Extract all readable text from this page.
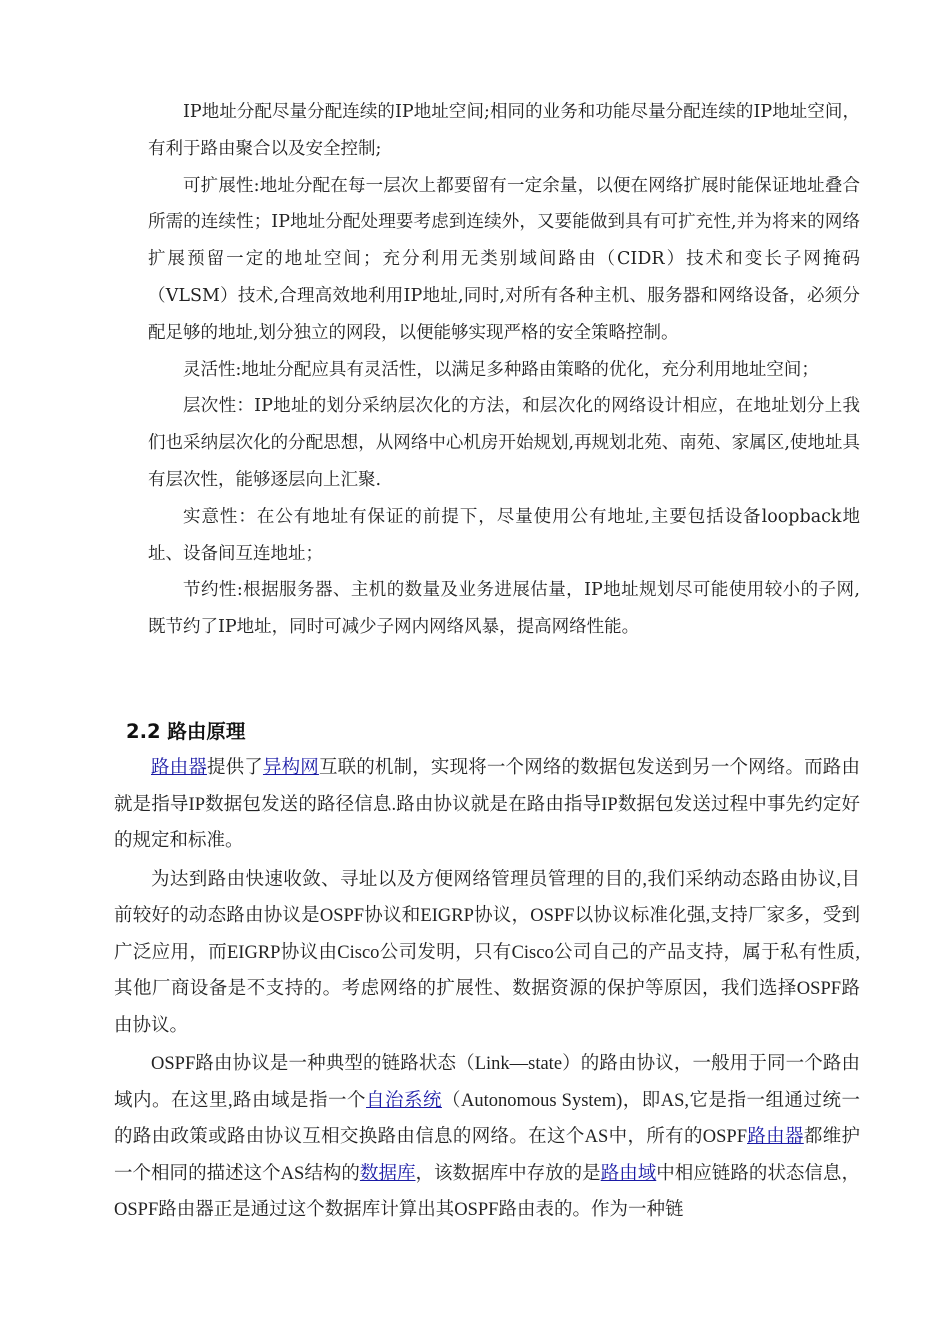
IP地址分配尽量分配连续的IP地址空间;相同的业务和功能尽量分配连续的IP地址空间，有利于路由聚合以及安全控制;

可扩展性:地址分配在每一层次上都要留有一定余量，以便在网络扩展时能保证地址叠合所需的连续性；IP地址分配处理要考虑到连续外，又要能做到具有可扩充性,并为将来的网络扩展预留一定的地址空间；充分利用无类别域间路由（CIDR）技术和变长子网掩码（VLSM）技术,合理高效地利用IP地址,同时,对所有各种主机、服务器和网络设备，必须分配足够的地址,划分独立的网段，以便能够实现严格的安全策略控制。

灵活性:地址分配应具有灵活性，以满足多种路由策略的优化，充分利用地址空间；

层次性：IP地址的划分采纳层次化的方法，和层次化的网络设计相应，在地址划分上我们也采纳层次化的分配思想，从网络中心机房开始规划,再规划北苑、南苑、家属区,使地址具有层次性，能够逐层向上汇聚.

实意性：在公有地址有保证的前提下，尽量使用公有地址,主要包括设备loopback地址、设备间互连地址；

节约性:根据服务器、主机的数量及业务进展估量，IP地址规划尽可能使用较小的子网,既节约了IP地址，同时可减少子网内网络风暴，提高网络性能。

2.2 路由原理

路由器提供了异构网互联的机制，实现将一个网络的数据包发送到另一个网络。而路由就是指导IP数据包发送的路径信息.路由协议就是在路由指导IP数据包发送过程中事先约定好的规定和标准。

为达到路由快速收敛、寻址以及方便网络管理员管理的目的,我们采纳动态路由协议,目前较好的动态路由协议是OSPF协议和EIGRP协议，OSPF以协议标准化强,支持厂家多，受到广泛应用，而EIGRP协议由Cisco公司发明，只有Cisco公司自己的产品支持，属于私有性质,其他厂商设备是不支持的。考虑网络的扩展性、数据资源的保护等原因，我们选择OSPF路由协议。

OSPF路由协议是一种典型的链路状态（Link—state）的路由协议，一般用于同一个路由域内。在这里,路由域是指一个自治系统（Autonomous System)，即AS,它是指一组通过统一的路由政策或路由协议互相交换路由信息的网络。在这个AS中，所有的OSPF路由器都维护一个相同的描述这个AS结构的数据库，该数据库中存放的是路由域中相应链路的状态信息，OSPF路由器正是通过这个数据库计算出其OSPF路由表的。作为一种链
